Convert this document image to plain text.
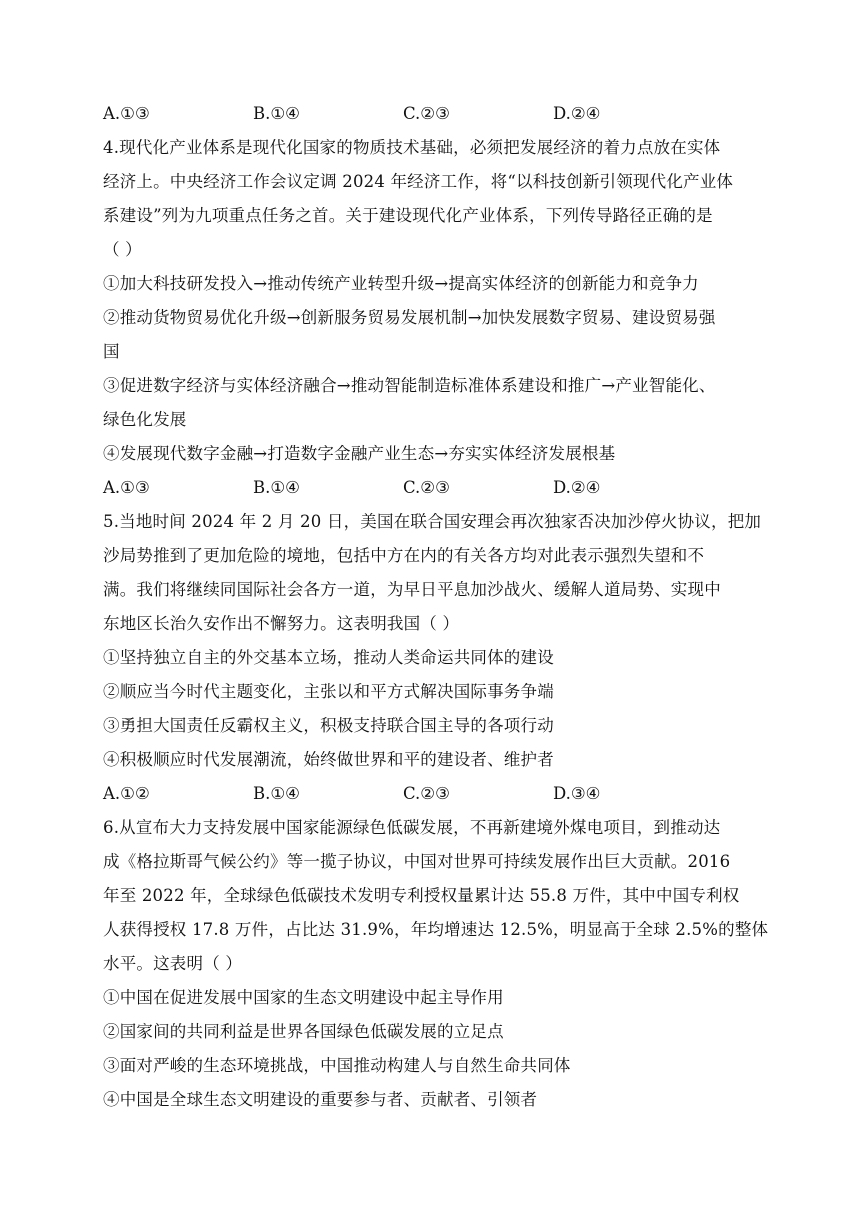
A.①③	B.①④	C.②③	D.②④
4.现代化产业体系是现代化国家的物质技术基础，必须把发展经济的着力点放在实体
经济上。中央经济工作会议定调 2024 年经济工作，将“以科技创新引领现代化产业体
系建设”列为九项重点任务之首。关于建设现代化产业体系，下列传导路径正确的是
（ ）
①加大科技研发投入→推动传统产业转型升级→提高实体经济的创新能力和竞争力
②推动货物贸易优化升级→创新服务贸易发展机制→加快发展数字贸易、建设贸易强
国
③促进数字经济与实体经济融合→推动智能制造标准体系建设和推广→产业智能化、
绿色化发展
④发展现代数字金融→打造数字金融产业生态→夯实实体经济发展根基
A.①③	B.①④	C.②③	D.②④
5.当地时间 2024 年 2 月 20 日，美国在联合国安理会再次独家否决加沙停火协议，把加
沙局势推到了更加危险的境地，包括中方在内的有关各方均对此表示强烈失望和不
满。我们将继续同国际社会各方一道，为早日平息加沙战火、缓解人道局势、实现中
东地区长治久安作出不懈努力。这表明我国（ ）
①坚持独立自主的外交基本立场，推动人类命运共同体的建设
②顺应当今时代主题变化，主张以和平方式解决国际事务争端
③勇担大国责任反霸权主义，积极支持联合国主导的各项行动
④积极顺应时代发展潮流，始终做世界和平的建设者、维护者
A.①②	B.①④	C.②③	D.③④
6.从宣布大力支持发展中国家能源绿色低碳发展，不再新建境外煤电项目，到推动达
成《格拉斯哥气候公约》等一揽子协议，中国对世界可持续发展作出巨大贡献。2016
年至 2022 年，全球绿色低碳技术发明专利授权量累计达 55.8 万件，其中中国专利权
人获得授权 17.8 万件，占比达 31.9%，年均增速达 12.5%，明显高于全球 2.5%的整体
水平。这表明（ ）
①中国在促进发展中国家的生态文明建设中起主导作用
②国家间的共同利益是世界各国绿色低碳发展的立足点
③面对严峻的生态环境挑战，中国推动构建人与自然生命共同体
④中国是全球生态文明建设的重要参与者、贡献者、引领者
